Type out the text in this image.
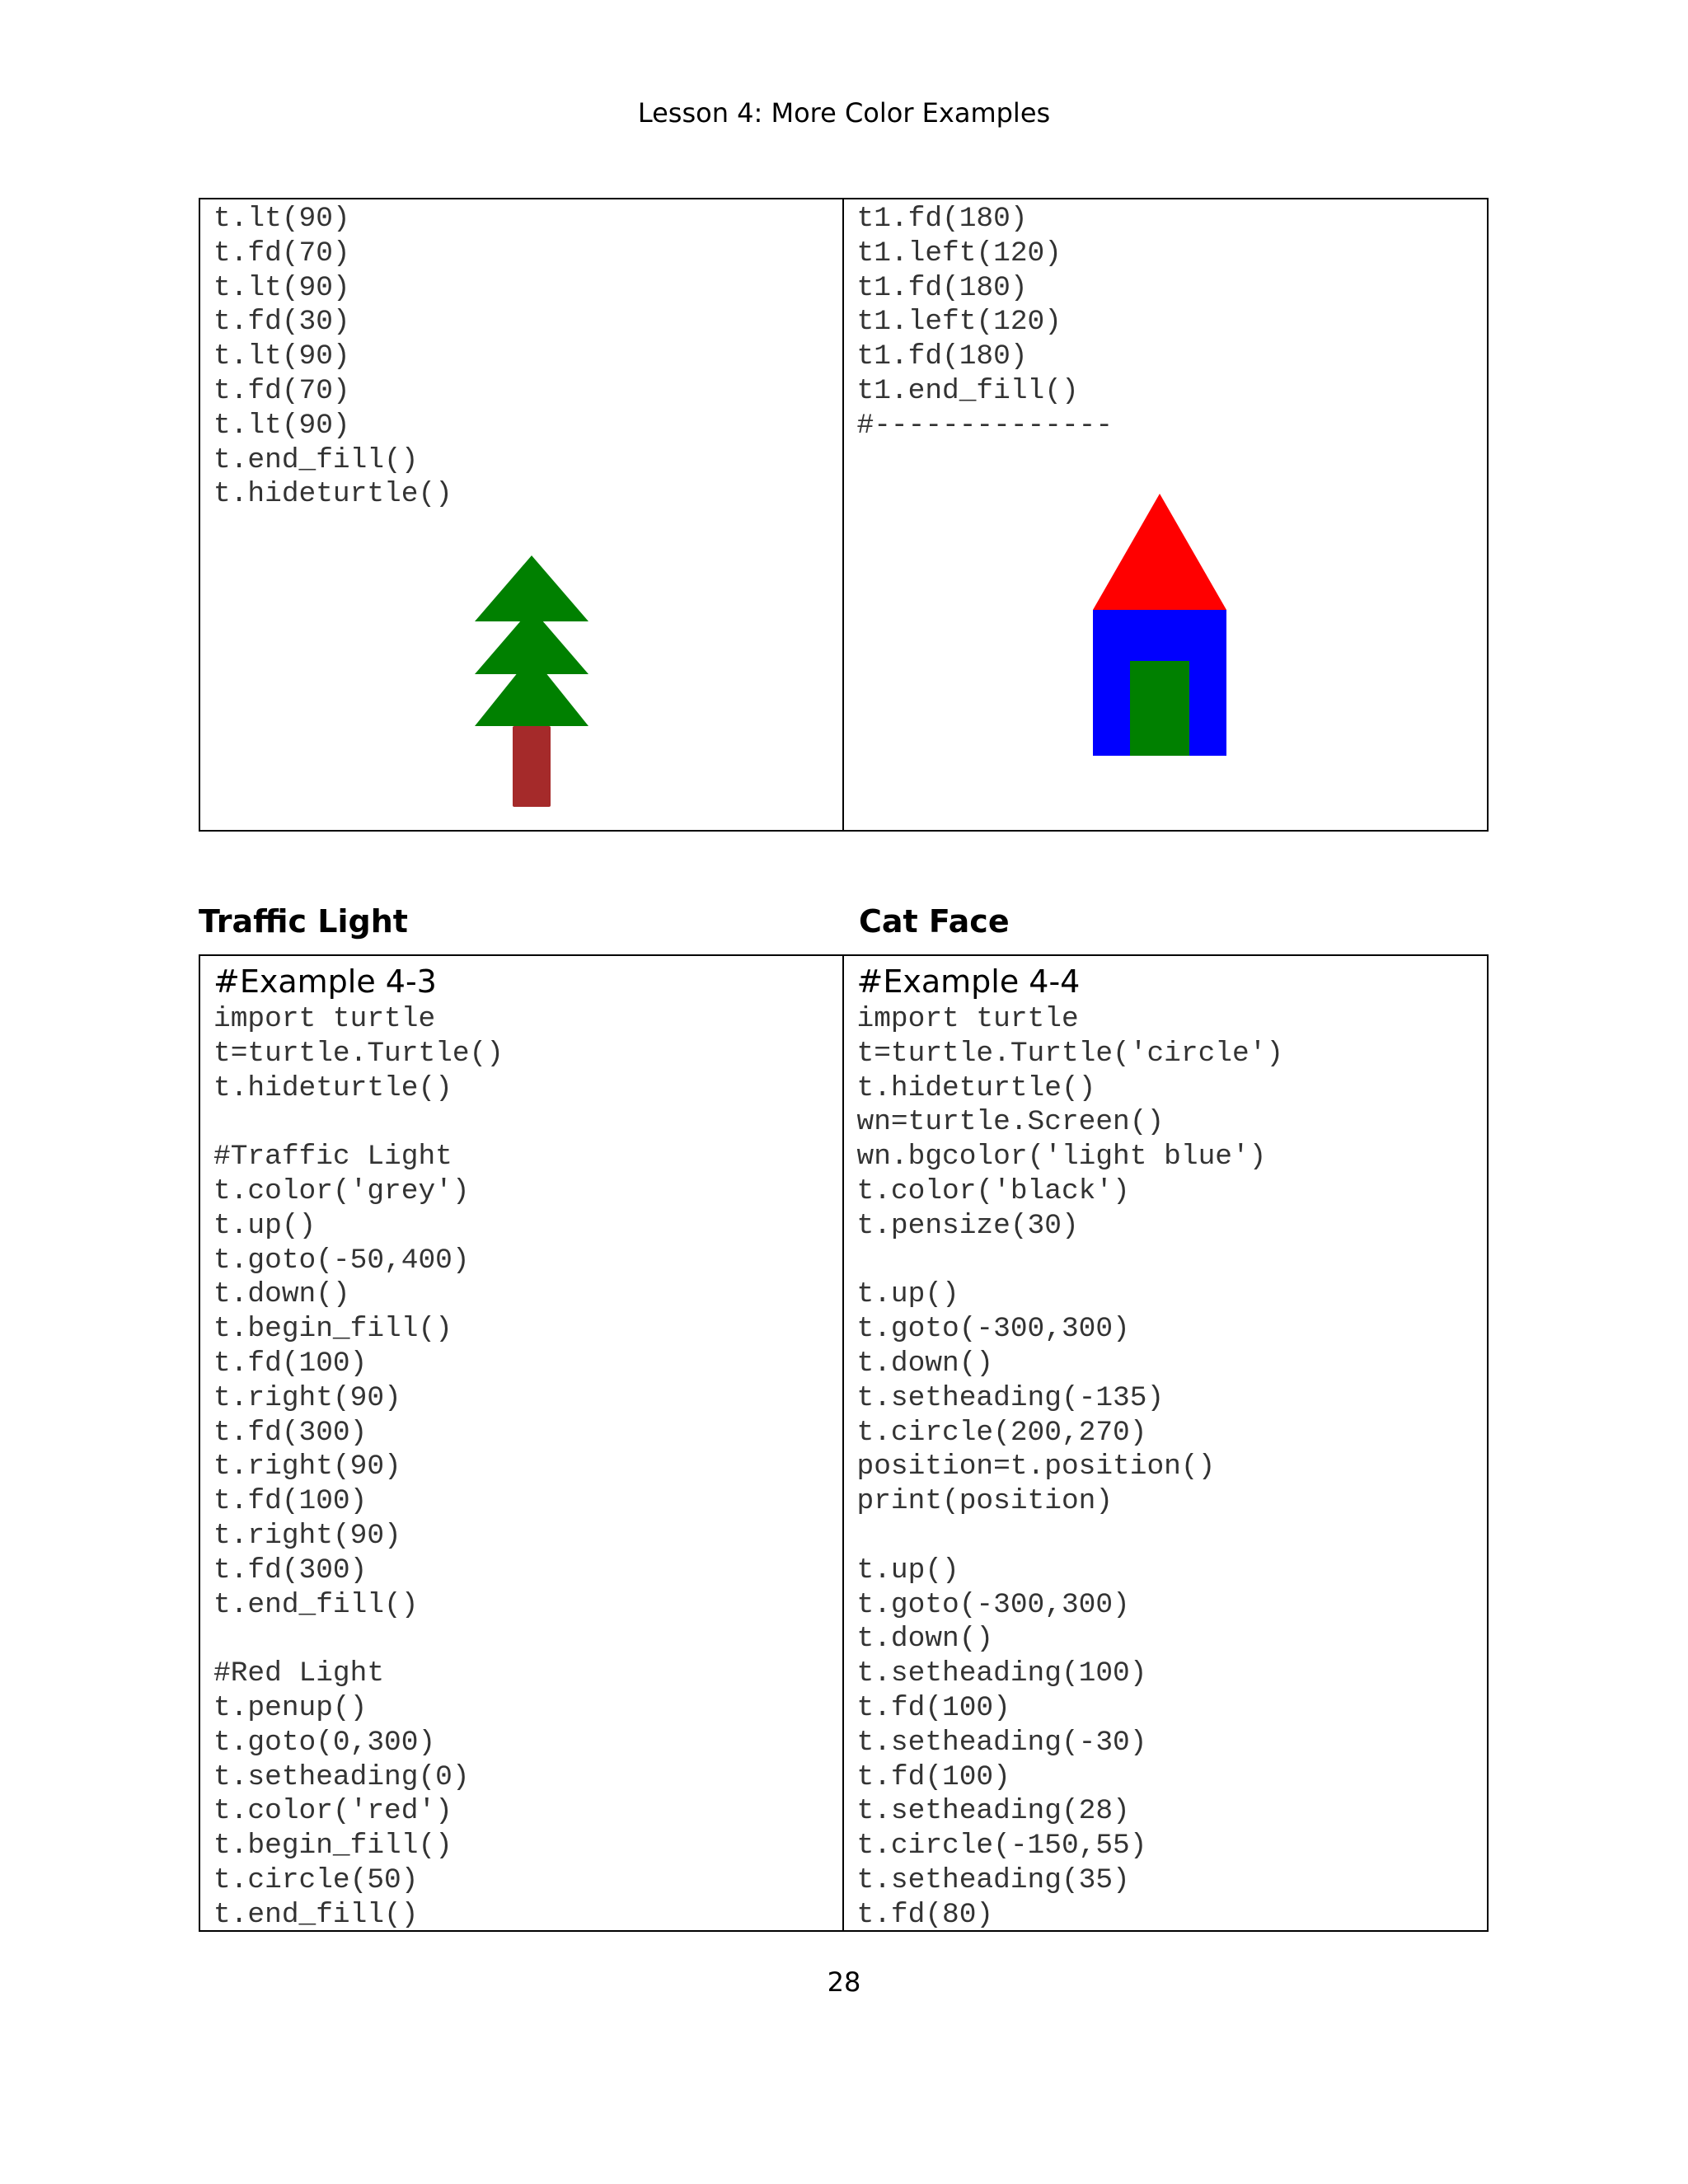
Lesson 4: More Color Examples
t.lt(90)
t.fd(70)
t.lt(90)
t.fd(30)
t.lt(90)
t.fd(70)
t.lt(90)
t.end_fill()
t.hideturtle()
t1.fd(180)
t1.left(120)
t1.fd(180)
t1.left(120)
t1.fd(180)
t1.end_fill()
#--------------
Traffic Light	Cat Face
#Example 4-3
import turtle
t=turtle.Turtle()
t.hideturtle()
#Traffic Light
t.color('grey')
t.up()
t.goto(-50,400)
t.down()
t.begin_fill()
t.fd(100)
t.right(90)
t.fd(300)
t.right(90)
t.fd(100)
t.right(90)
t.fd(300)
t.end_fill()
#Red Light
t.penup()
t.goto(0,300)
t.setheading(0)
t.color('red')
t.begin_fill()
t.circle(50)
t.end_fill()
#Example 4-4
import turtle
t=turtle.Turtle('circle')
t.hideturtle()
wn=turtle.Screen()
wn.bgcolor('light blue')
t.color('black')
t.pensize(30)
t.up()
t.goto(-300,300)
t.down()
t.setheading(-135)
t.circle(200,270)
position=t.position()
print(position)
t.up()
t.goto(-300,300)
t.down()
t.setheading(100)
t.fd(100)
t.setheading(-30)
t.fd(100)
t.setheading(28)
t.circle(-150,55)
t.setheading(35)
t.fd(80)
28
